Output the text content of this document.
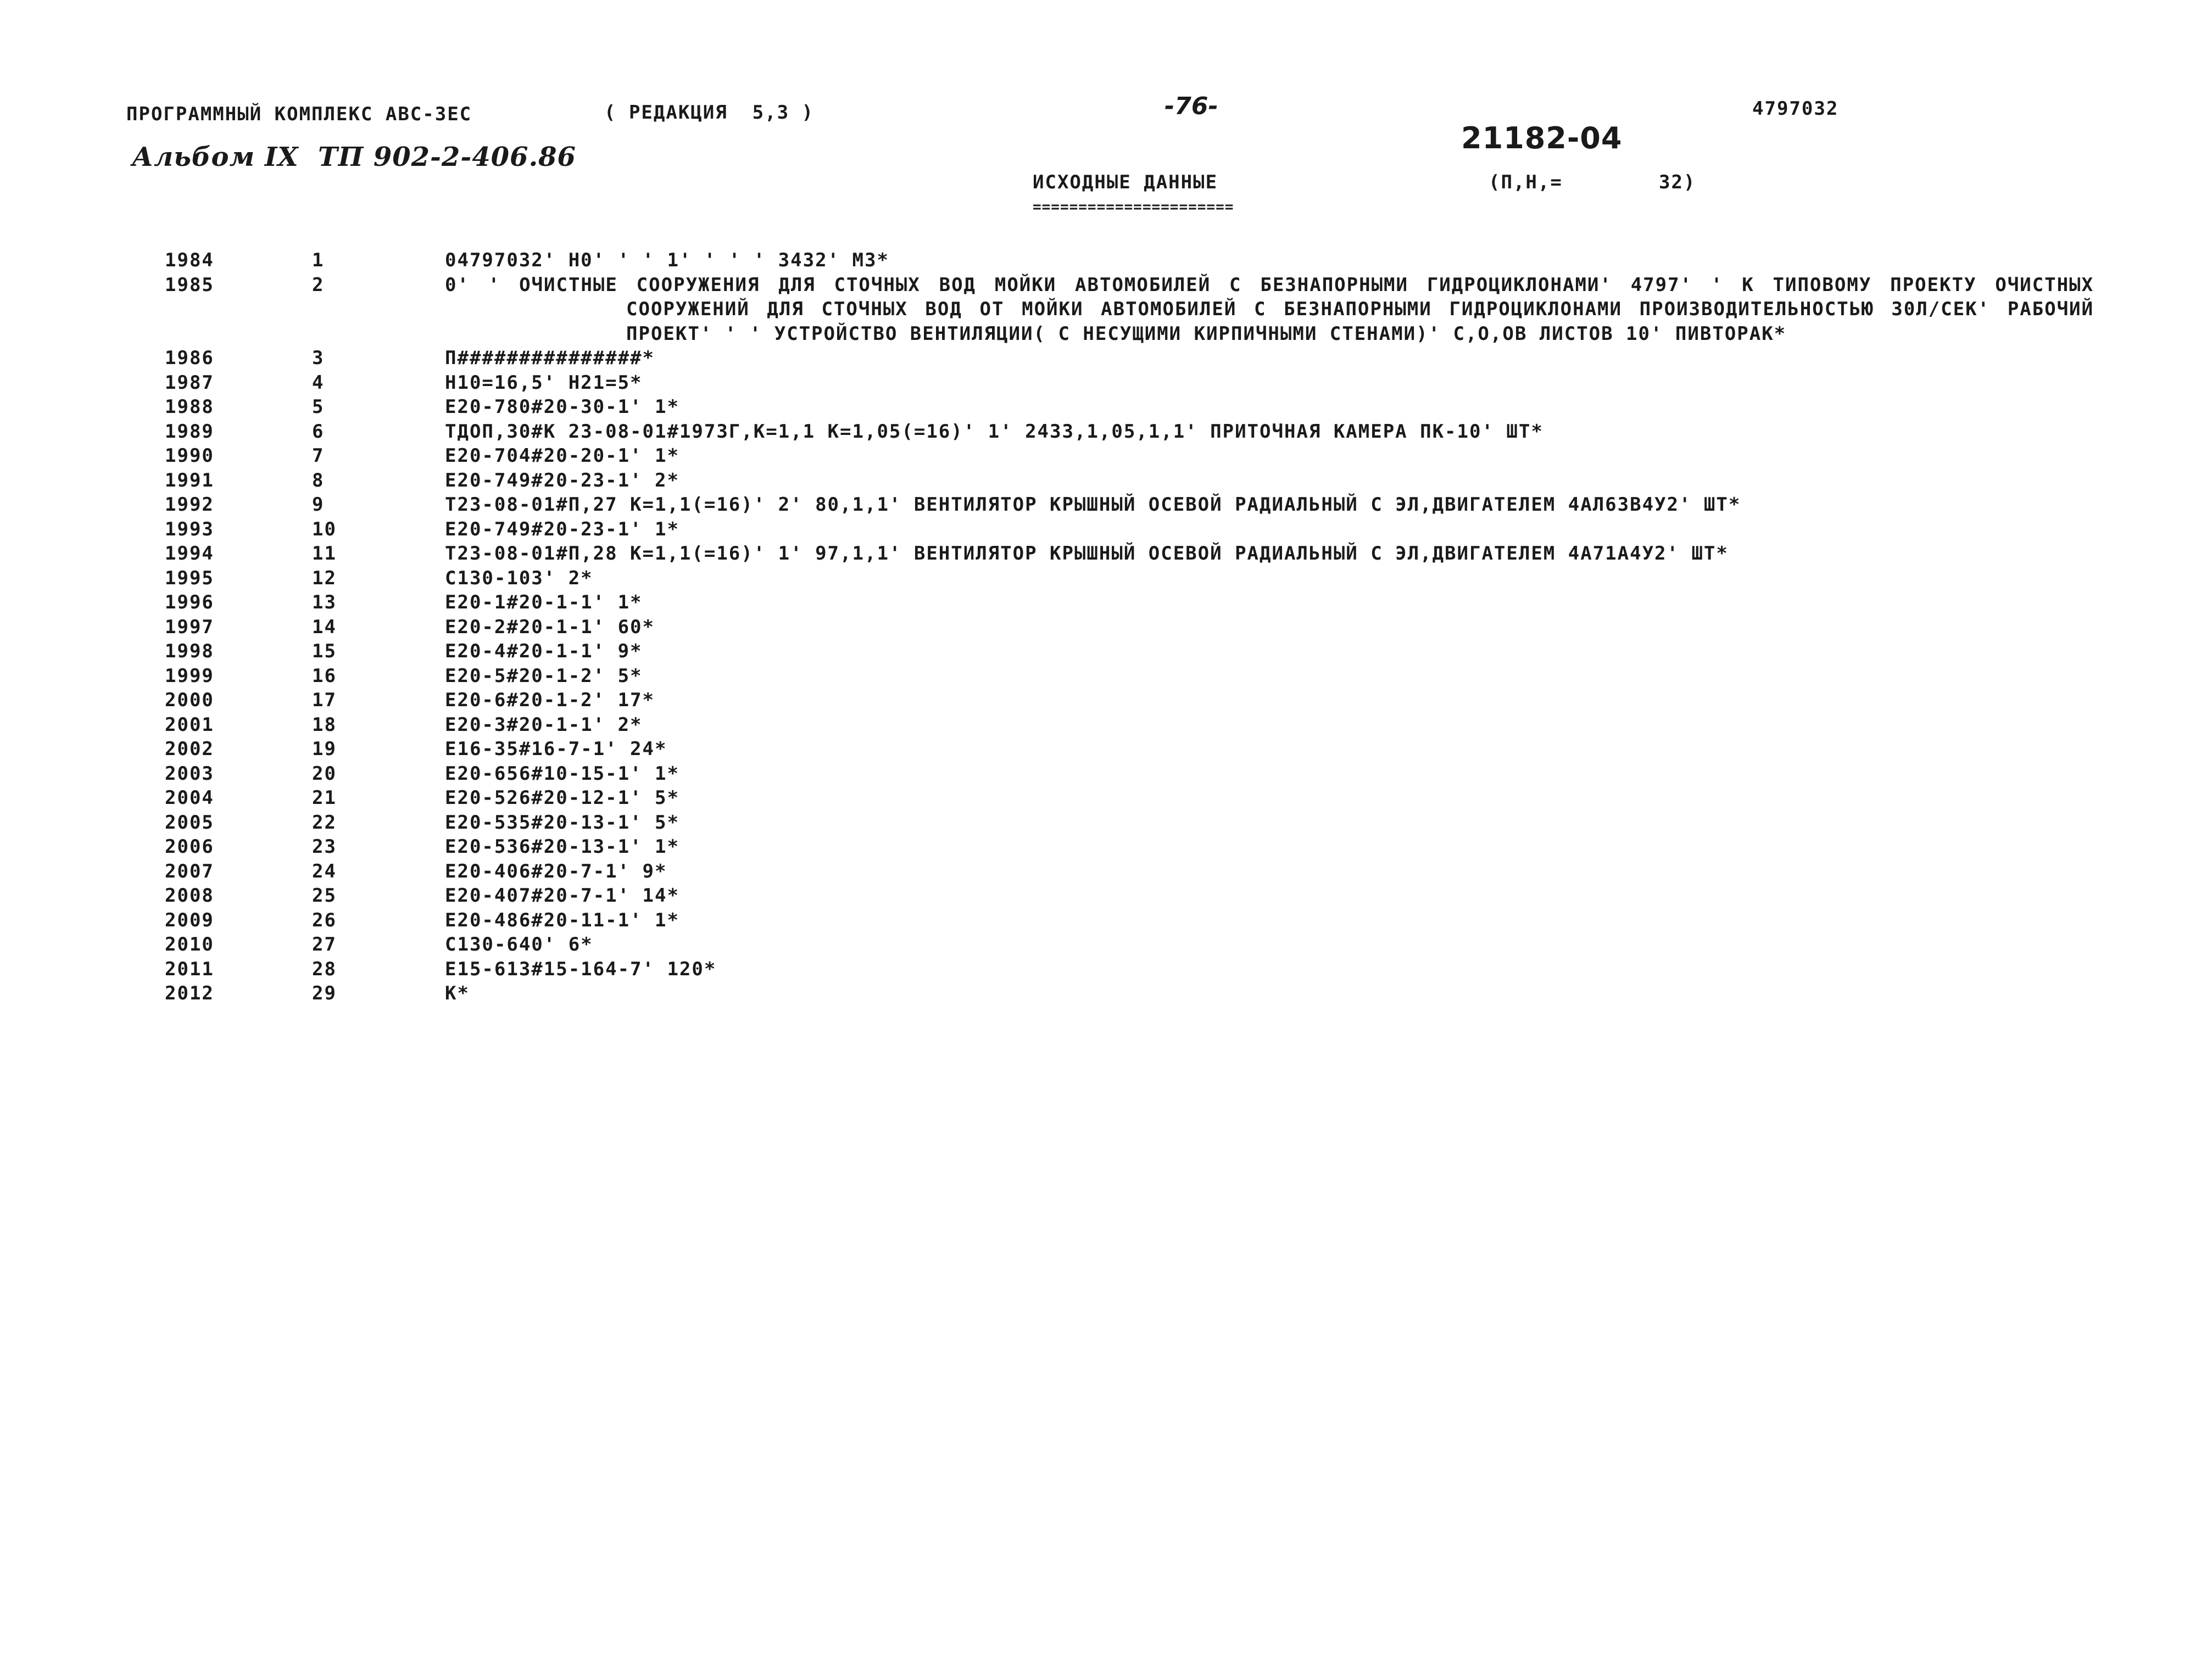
ПРОГРАММНЫЙ КОМПЛЕКС АВС-3ЕС	( РЕДАКЦИЯ  5,3 )	-76-	4797032
21182-04
Альбом IX  ТП 902-2-406.86
ИСХОДНЫЕ ДАННЫЕ
======================
(П,Н,=	32)
1984	1	04797032' Н0' ' ' 1' ' ' ' 3432' М3*
1985	2	0' ' ОЧИСТНЫЕ СООРУЖЕНИЯ ДЛЯ СТОЧНЫХ ВОД МОЙКИ АВТОМОБИЛЕЙ С БЕЗНАПОРНЫМИ ГИДРОЦИКЛОНАМИ' 4797' ' К ТИПОВОМУ ПРОЕКТУ ОЧИСТНЫХ СООРУЖЕНИЙ ДЛЯ СТОЧНЫХ ВОД ОТ МОЙКИ АВТОМОБИЛЕЙ С БЕЗНАПОРНЫМИ ГИДРОЦИКЛОНАМИ ПРОИЗВОДИТЕЛЬНОСТЬЮ 30Л/СЕК' РАБОЧИЙ ПРОЕКТ' ' ' УСТРОЙСТВО ВЕНТИЛЯЦИИ( С НЕСУЩИМИ КИРПИЧНЫМИ СТЕНАМИ)' С,О,ОВ ЛИСТОВ 10' ПИВТОРАК*
1986	3	П###############*
1987	4	Н10=16,5' Н21=5*
1988	5	Е20-780#20-30-1' 1*
1989	6	ТДОП,30#К 23-08-01#1973Г,К=1,1 К=1,05(=16)' 1' 2433,1,05,1,1' ПРИТОЧНАЯ КАМЕРА ПК-10' ШТ*
1990	7	Е20-704#20-20-1' 1*
1991	8	Е20-749#20-23-1' 2*
1992	9	Т23-08-01#П,27 К=1,1(=16)' 2' 80,1,1' ВЕНТИЛЯТОР КРЫШНЫЙ ОСЕВОЙ РАДИАЛЬНЫЙ С ЭЛ,ДВИГАТЕЛЕМ 4АЛ63В4У2' ШТ*
1993	10	Е20-749#20-23-1' 1*
1994	11	Т23-08-01#П,28 К=1,1(=16)' 1' 97,1,1' ВЕНТИЛЯТОР КРЫШНЫЙ ОСЕВОЙ РАДИАЛЬНЫЙ С ЭЛ,ДВИГАТЕЛЕМ 4А71А4У2' ШТ*
1995	12	С130-103' 2*
1996	13	Е20-1#20-1-1' 1*
1997	14	Е20-2#20-1-1' 60*
1998	15	Е20-4#20-1-1' 9*
1999	16	Е20-5#20-1-2' 5*
2000	17	Е20-6#20-1-2' 17*
2001	18	Е20-3#20-1-1' 2*
2002	19	Е16-35#16-7-1' 24*
2003	20	Е20-656#10-15-1' 1*
2004	21	Е20-526#20-12-1' 5*
2005	22	Е20-535#20-13-1' 5*
2006	23	Е20-536#20-13-1' 1*
2007	24	Е20-406#20-7-1' 9*
2008	25	Е20-407#20-7-1' 14*
2009	26	Е20-486#20-11-1' 1*
2010	27	С130-640' 6*
2011	28	Е15-613#15-164-7' 120*
2012	29	К*
